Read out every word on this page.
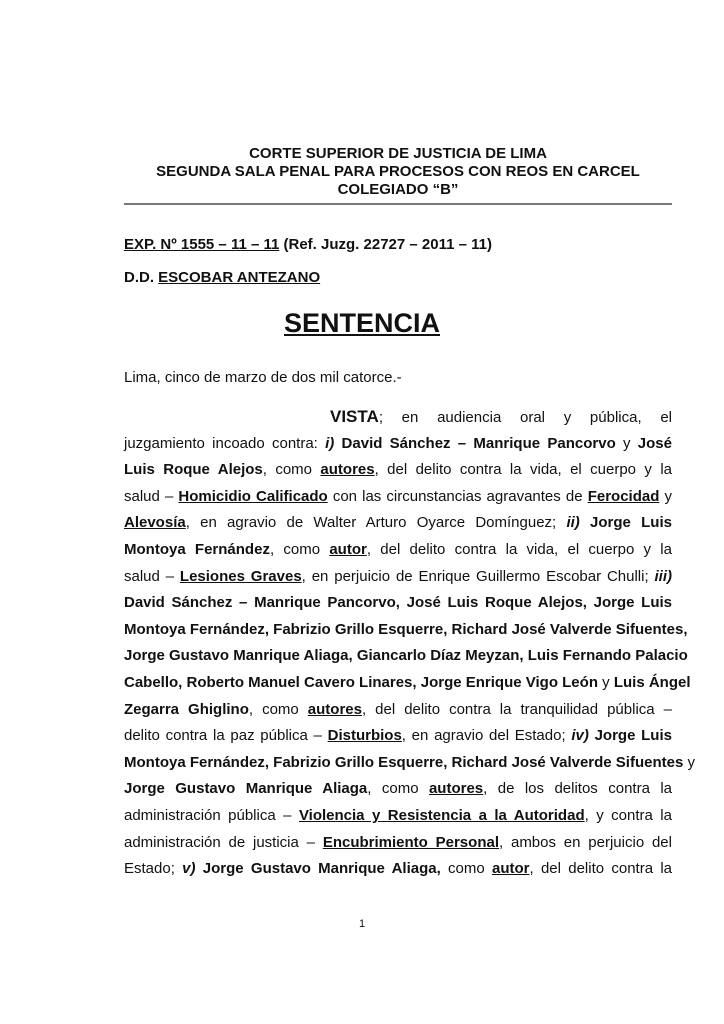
CORTE SUPERIOR DE JUSTICIA DE LIMA
SEGUNDA SALA PENAL PARA PROCESOS CON REOS EN CARCEL
COLEGIADO “B”
EXP. Nº 1555 – 11 – 11 (Ref. Juzg. 22727 – 2011 – 11)
D.D. ESCOBAR ANTEZANO
SENTENCIA
Lima, cinco de marzo de dos mil catorce.-
VISTA; en audiencia oral y pública, el
juzgamiento incoado contra: i) David Sánchez – Manrique Pancorvo y José
Luis Roque Alejos, como autores, del delito contra la vida, el cuerpo y la
salud – Homicidio Calificado con las circunstancias agravantes de Ferocidad y
Alevosía, en agravio de Walter Arturo Oyarce Domínguez; ii) Jorge Luis
Montoya Fernández, como autor, del delito contra la vida, el cuerpo y la
salud – Lesiones Graves, en perjuicio de Enrique Guillermo Escobar Chulli; iii)
David Sánchez – Manrique Pancorvo, José Luis Roque Alejos, Jorge Luis
Montoya Fernández, Fabrizio Grillo Esquerre, Richard José Valverde Sifuentes,
Jorge Gustavo Manrique Aliaga, Giancarlo Díaz Meyzan, Luis Fernando Palacio
Cabello, Roberto Manuel Cavero Linares, Jorge Enrique Vigo León y Luis Ángel
Zegarra Ghiglino, como autores, del delito contra la tranquilidad pública –
delito contra la paz pública – Disturbios, en agravio del Estado; iv) Jorge Luis
Montoya Fernández, Fabrizio Grillo Esquerre, Richard José Valverde Sifuentes y
Jorge Gustavo Manrique Aliaga, como autores, de los delitos contra la
administración pública – Violencia y Resistencia a la Autoridad, y contra la
administración de justicia – Encubrimiento Personal, ambos en perjuicio del
Estado; v) Jorge Gustavo Manrique Aliaga, como autor, del delito contra la
1
